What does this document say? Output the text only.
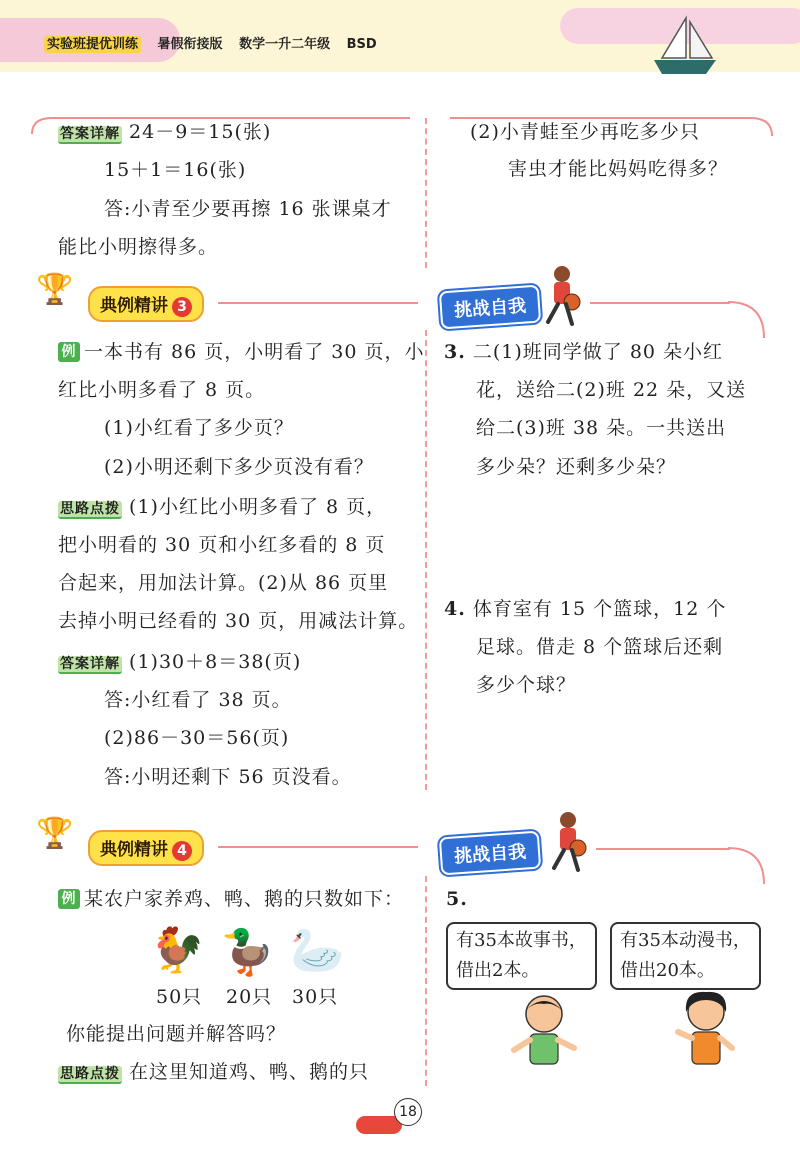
实验班提优训练 暑假衔接版 数学一升二年级 BSD
答案详解 24－9＝15(张)
15＋1＝16(张)
答:小青至少要再擦 16 张课桌才
能比小明擦得多。
(2)小青蛙至少再吃多少只
害虫才能比妈妈吃得多？
🏆	典例精讲 3	挑战自我
例 一本书有 86 页，小明看了 30 页，小
红比小明多看了 8 页。
(1)小红看了多少页？
(2)小明还剩下多少页没有看？
思路点拨 (1)小红比小明多看了 8 页，
把小明看的 30 页和小红多看的 8 页
合起来，用加法计算。(2)从 86 页里
去掉小明已经看的 30 页，用减法计算。
答案详解 (1)30＋8＝38(页)
答:小红看了 38 页。
(2)86－30＝56(页)
答:小明还剩下 56 页没看。
3. 二(1)班同学做了 80 朵小红
花，送给二(2)班 22 朵，又送
给二(3)班 38 朵。一共送出
多少朵？还剩多少朵？
4. 体育室有 15 个篮球，12 个
足球。借走 8 个篮球后还剩
多少个球？
🏆	典例精讲 4	挑战自我
例 某农户家养鸡、鸭、鹅的只数如下：
🐓 🦆 🦢
50只 20只 30只
你能提出问题并解答吗？
思路点拨 在这里知道鸡、鸭、鹅的只
5.
有35本故事书，
借出2本。
有35本动漫书，
借出20本。
18
